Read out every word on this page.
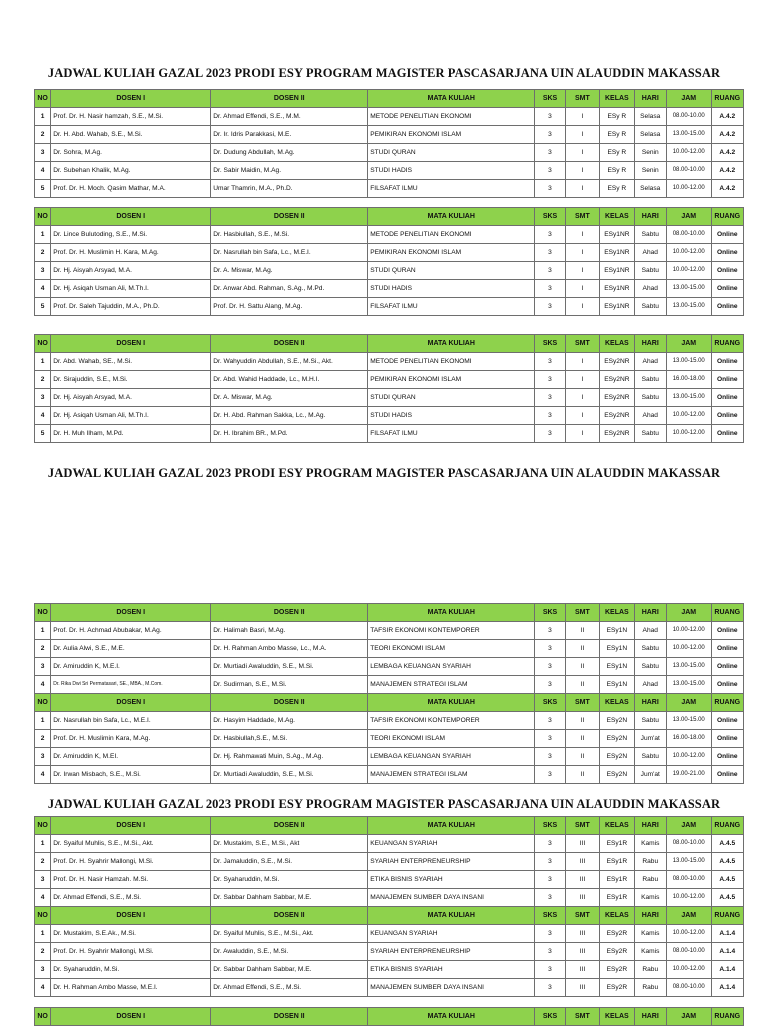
JADWAL KULIAH GAZAL 2023 PRODI ESY PROGRAM MAGISTER PASCASARJANA UIN ALAUDDIN MAKASSAR
NO	DOSEN I	DOSEN II	MATA KULIAH	SKS	SMT	KELAS	HARI	JAM	RUANG
1	Prof. Dr. H. Nasir hamzah, S.E., M.Si.	Dr. Ahmad Effendi, S.E., M.M.	METODE PENELITIAN EKONOMI	3	I	ESy R	Selasa	08.00-10.00	A.4.2
2	Dr. H. Abd. Wahab, S.E., M.Si.	Dr. Ir. Idris Parakkasi, M.E.	PEMIKIRAN EKONOMI ISLAM	3	I	ESy R	Selasa	13.00-15.00	A.4.2
3	Dr. Sohra, M.Ag.	Dr. Dudung Abdullah, M.Ag.	STUDI QURAN	3	I	ESy R	Senin	10.00-12.00	A.4.2
4	Dr. Subehan Khalik, M.Ag.	Dr. Sabir Maidin, M.Ag.	STUDI HADIS	3	I	ESy R	Senin	08.00-10.00	A.4.2
5	Prof. Dr. H. Moch. Qasim Mathar, M.A.	Umar Thamrin, M.A., Ph.D.	FILSAFAT ILMU	3	I	ESy R	Selasa	10.00-12.00	A.4.2
NO	DOSEN I	DOSEN II	MATA KULIAH	SKS	SMT	KELAS	HARI	JAM	RUANG
1	Dr. Lince Bulutoding, S.E., M.Si.	Dr. Hasbiullah, S.E., M.Si.	METODE PENELITIAN EKONOMI	3	I	ESy1NR	Sabtu	08.00-10.00	Online
2	Prof. Dr. H. Muslimin H. Kara, M.Ag.	Dr. Nasrullah bin Safa, Lc., M.E.I.	PEMIKIRAN EKONOMI ISLAM	3	I	ESy1NR	Ahad	10.00-12.00	Online
3	Dr. Hj. Aisyah Arsyad, M.A.	Dr. A. Miswar, M.Ag.	STUDI QURAN	3	I	ESy1NR	Sabtu	10.00-12.00	Online
4	Dr. Hj. Asiqah Usman Ali, M.Th.I.	Dr. Anwar Abd. Rahman, S.Ag., M.Pd.	STUDI HADIS	3	I	ESy1NR	Ahad	13.00-15.00	Online
5	Prof. Dr. Saleh Tajuddin, M.A., Ph.D.	Prof. Dr. H. Sattu Alang, M.Ag.	FILSAFAT ILMU	3	I	ESy1NR	Sabtu	13.00-15.00	Online
NO	DOSEN I	DOSEN II	MATA KULIAH	SKS	SMT	KELAS	HARI	JAM	RUANG
1	Dr. Abd. Wahab, SE., M.Si.	Dr. Wahyuddin Abdullah, S.E., M.Si., Akt.	METODE PENELITIAN EKONOMI	3	I	ESy2NR	Ahad	13.00-15.00	Online
2	Dr. Sirajuddin, S.E., M.Si.	Dr. Abd. Wahid Haddade, Lc., M.H.I.	PEMIKIRAN EKONOMI ISLAM	3	I	ESy2NR	Sabtu	16.00-18.00	Online
3	Dr. Hj. Aisyah Arsyad, M.A.	Dr. A. Miswar, M.Ag.	STUDI QURAN	3	I	ESy2NR	Sabtu	13.00-15.00	Online
4	Dr. Hj. Asiqah Usman Ali, M.Th.I.	Dr. H. Abd. Rahman Sakka, Lc., M.Ag.	STUDI HADIS	3	I	ESy2NR	Ahad	10.00-12.00	Online
5	Dr. H. Muh Ilham, M.Pd.	Dr. H. Ibrahim BR., M.Pd.	FILSAFAT ILMU	3	I	ESy2NR	Sabtu	10.00-12.00	Online
JADWAL KULIAH GAZAL 2023 PRODI ESY PROGRAM MAGISTER PASCASARJANA UIN ALAUDDIN MAKASSAR
NO	DOSEN I	DOSEN II	MATA KULIAH	SKS	SMT	KELAS	HARI	JAM	RUANG
1	Prof. Dr. H. Achmad Abubakar, M.Ag.	Dr. Halimah Basri, M.Ag.	TAFSIR EKONOMI KONTEMPORER	3	II	ESy1N	Ahad	10.00-12.00	Online
2	Dr. Aulia Alwi, S.E., M.E.	Dr. H. Rahman Ambo Masse, Lc., M.A.	TEORI EKONOMI ISLAM	3	II	ESy1N	Sabtu	10.00-12.00	Online
3	Dr. Amiruddin K, M.E.I.	Dr. Murtiadi Awaluddin, S.E., M.Si.	LEMBAGA KEUANGAN SYARIAH	3	II	ESy1N	Sabtu	13.00-15.00	Online
4	Dr. Rika Dwi Sri Permatasari, SE., MBA., M.Com.	Dr. Sudirman, S.E., M.Si.	MANAJEMEN STRATEGI ISLAM	3	II	ESy1N	Ahad	13.00-15.00	Online
NO	DOSEN I	DOSEN II	MATA KULIAH	SKS	SMT	KELAS	HARI	JAM	RUANG
1	Dr. Nasrullah bin Safa, Lc., M.E.I.	Dr. Hasyim Haddade, M.Ag.	TAFSIR EKONOMI KONTEMPORER	3	II	ESy2N	Sabtu	13.00-15.00	Online
2	Prof. Dr. H. Muslimin Kara, M.Ag.	Dr. Hasbiullah,S.E., M.Si.	TEORI EKONOMI ISLAM	3	II	ESy2N	Jum'at	16.00-18.00	Online
3	Dr. Amiruddin K, M.EI.	Dr. Hj. Rahmawati Muin, S.Ag., M.Ag.	LEMBAGA KEUANGAN SYARIAH	3	II	ESy2N	Sabtu	10.00-12.00	Online
4	Dr. Irwan Misbach, S.E., M.Si.	Dr. Murtiadi Awaluddin, S.E., M.Si.	MANAJEMEN STRATEGI ISLAM	3	II	ESy2N	Jum'at	19.00-21.00	Online
JADWAL KULIAH GAZAL 2023 PRODI ESY PROGRAM MAGISTER PASCASARJANA UIN ALAUDDIN MAKASSAR
NO	DOSEN I	DOSEN II	MATA KULIAH	SKS	SMT	KELAS	HARI	JAM	RUANG
1	Dr. Syaiful Muhlis, S.E., M.Si., Akt.	Dr. Mustakim, S.E., M.Si., Akt	KEUANGAN SYARIAH	3	III	ESy1R	Kamis	08.00-10.00	A.4.5
2	Prof. Dr. H. Syahrir Mallongi, M.Si.	Dr. Jamaluddin, S.E., M.Si.	SYARIAH ENTERPRENEURSHIP	3	III	ESy1R	Rabu	13.00-15.00	A.4.5
3	Prof. Dr. H. Nasir Hamzah. M.Si.	Dr. Syaharuddin, M.Si.	ETIKA BISNIS SYARIAH	3	III	ESy1R	Rabu	08.00-10.00	A.4.5
4	Dr. Ahmad Effendi, S.E., M.Si.	Dr. Sabbar Dahham Sabbar, M.E.	MANAJEMEN SUMBER DAYA INSANI	3	III	ESy1R	Kamis	10.00-12.00	A.4.5
NO	DOSEN I	DOSEN II	MATA KULIAH	SKS	SMT	KELAS	HARI	JAM	RUANG
1	Dr. Mustakim, S.E.Ak., M.Si.	Dr. Syaiful Muhlis, S.E., M.Si., Akt.	KEUANGAN SYARIAH	3	III	ESy2R	Kamis	10.00-12.00	A.1.4
2	Prof. Dr. H. Syahrir Mallongi, M.Si.	Dr. Awaluddin, S.E., M.Si.	SYARIAH ENTERPRENEURSHIP	3	III	ESy2R	Kamis	08.00-10.00	A.1.4
3	Dr. Syaharuddin, M.Si.	Dr. Sabbar Dahham Sabbar, M.E.	ETIKA BISNIS SYARIAH	3	III	ESy2R	Rabu	10.00-12.00	A.1.4
4	Dr. H. Rahman Ambo Masse, M.E.I.	Dr. Ahmad Effendi, S.E., M.Si.	MANAJEMEN SUMBER DAYA INSANI	3	III	ESy2R	Rabu	08.00-10.00	A.1.4
NO	DOSEN I	DOSEN II	MATA KULIAH	SKS	SMT	KELAS	HARI	JAM	RUANG
